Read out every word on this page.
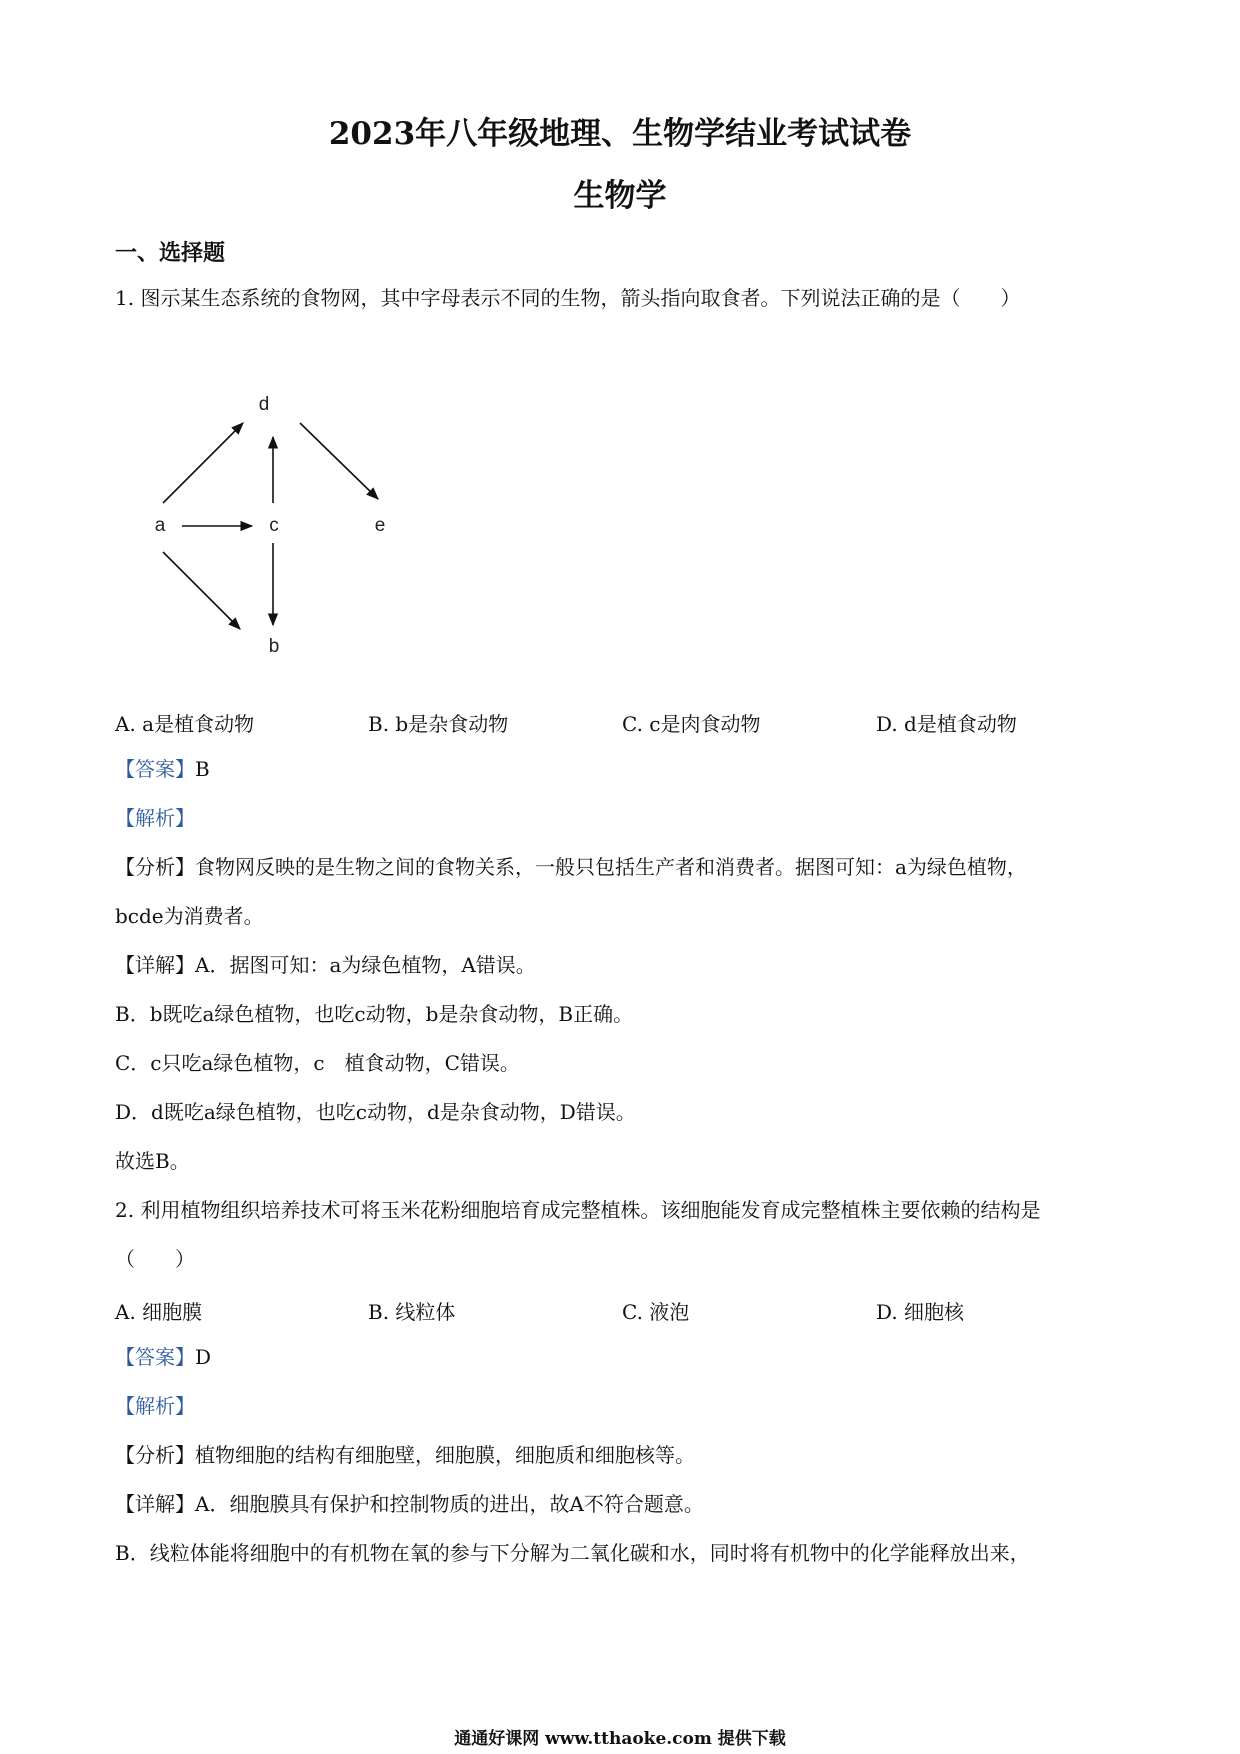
2023年八年级地理、生物学结业考试试卷
生物学
一、选择题
1. 图示某生态系统的食物网，其中字母表示不同的生物，箭头指向取食者。下列说法正确的是（　　）
d
a	c	e
b
A. a是植食动物	B. b是杂食动物	C. c是肉食动物	D. d是植食动物
【答案】B
【解析】
【分析】食物网反映的是生物之间的食物关系，一般只包括生产者和消费者。据图可知：a为绿色植物，
bcde为消费者。
【详解】A．据图可知：a为绿色植物，A错误。
B．b既吃a绿色植物，也吃c动物，b是杂食动物，B正确。
C．c只吃a绿色植物，c　植食动物，C错误。
D．d既吃a绿色植物，也吃c动物，d是杂食动物，D错误。
故选B。
2. 利用植物组织培养技术可将玉米花粉细胞培育成完整植株。该细胞能发育成完整植株主要依赖的结构是
（　　）
A. 细胞膜	B. 线粒体	C. 液泡	D. 细胞核
【答案】D
【解析】
【分析】植物细胞的结构有细胞壁，细胞膜，细胞质和细胞核等。
【详解】A．细胞膜具有保护和控制物质的进出，故A不符合题意。
B．线粒体能将细胞中的有机物在氧的参与下分解为二氧化碳和水，同时将有机物中的化学能释放出来，
通通好课网 www.tthaoke.com 提供下载
